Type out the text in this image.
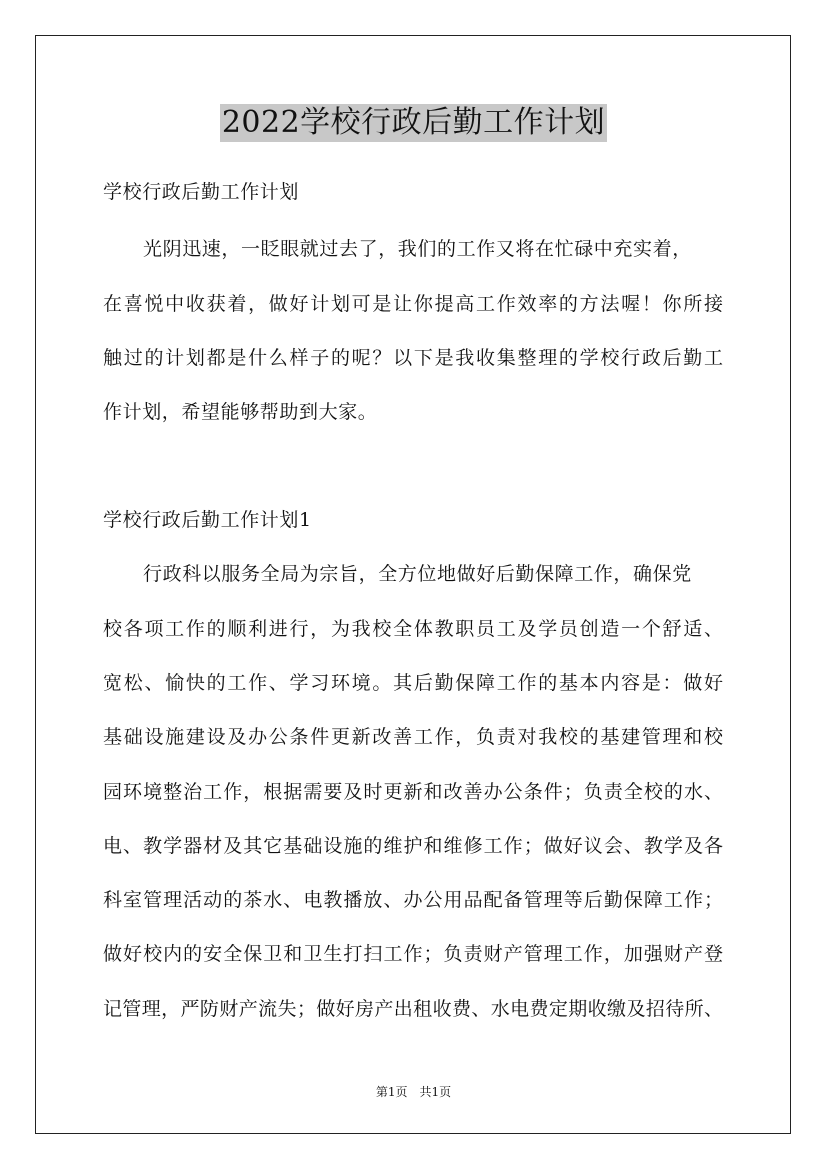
2022学校行政后勤工作计划
学校行政后勤工作计划
光阴迅速，一眨眼就过去了，我们的工作又将在忙碌中充实着，
在喜悦中收获着，做好计划可是让你提高工作效率的方法喔！你所接
触过的计划都是什么样子的呢？以下是我收集整理的学校行政后勤工
作计划，希望能够帮助到大家。
学校行政后勤工作计划1
行政科以服务全局为宗旨，全方位地做好后勤保障工作，确保党
校各项工作的顺利进行，为我校全体教职员工及学员创造一个舒适、
宽松、愉快的工作、学习环境。其后勤保障工作的基本内容是：做好
基础设施建设及办公条件更新改善工作，负责对我校的基建管理和校
园环境整治工作，根据需要及时更新和改善办公条件；负责全校的水、
电、教学器材及其它基础设施的维护和维修工作；做好议会、教学及各
科室管理活动的茶水、电教播放、办公用品配备管理等后勤保障工作；
做好校内的安全保卫和卫生打扫工作；负责财产管理工作，加强财产登
记管理，严防财产流失；做好房产出租收费、水电费定期收缴及招待所、
第1页　共1页
